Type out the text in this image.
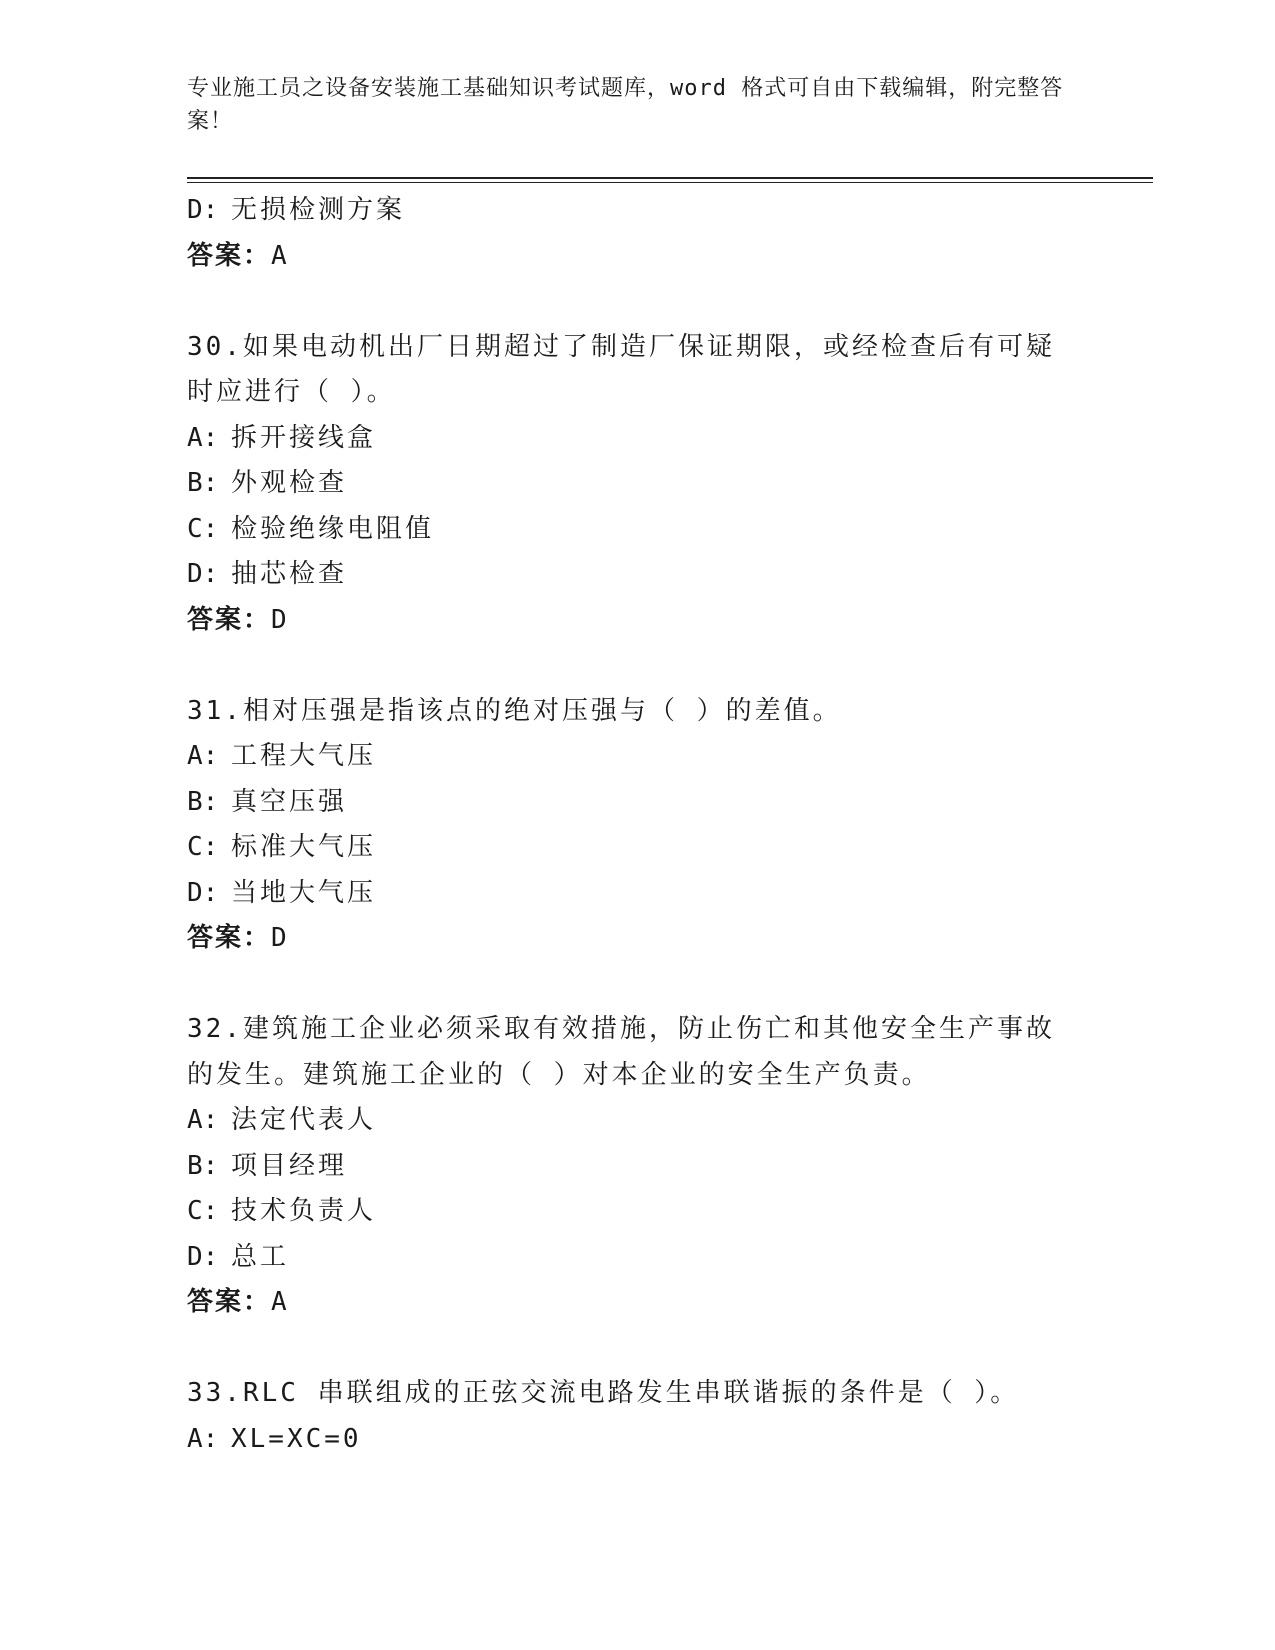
专业施工员之设备安装施工基础知识考试题库，word 格式可自由下载编辑，附完整答案！
D: 无损检测方案
答案：A
30.如果电动机出厂日期超过了制造厂保证期限，或经检查后有可疑时应进行（ ）。
A: 拆开接线盒
B: 外观检查
C: 检验绝缘电阻值
D: 抽芯检查
答案：D
31.相对压强是指该点的绝对压强与（ ）的差值。
A: 工程大气压
B: 真空压强
C: 标准大气压
D: 当地大气压
答案：D
32.建筑施工企业必须采取有效措施，防止伤亡和其他安全生产事故的发生。建筑施工企业的（ ）对本企业的安全生产负责。
A: 法定代表人
B: 项目经理
C: 技术负责人
D: 总工
答案：A
33.RLC 串联组成的正弦交流电路发生串联谐振的条件是（ ）。
A: XL=XC=0
